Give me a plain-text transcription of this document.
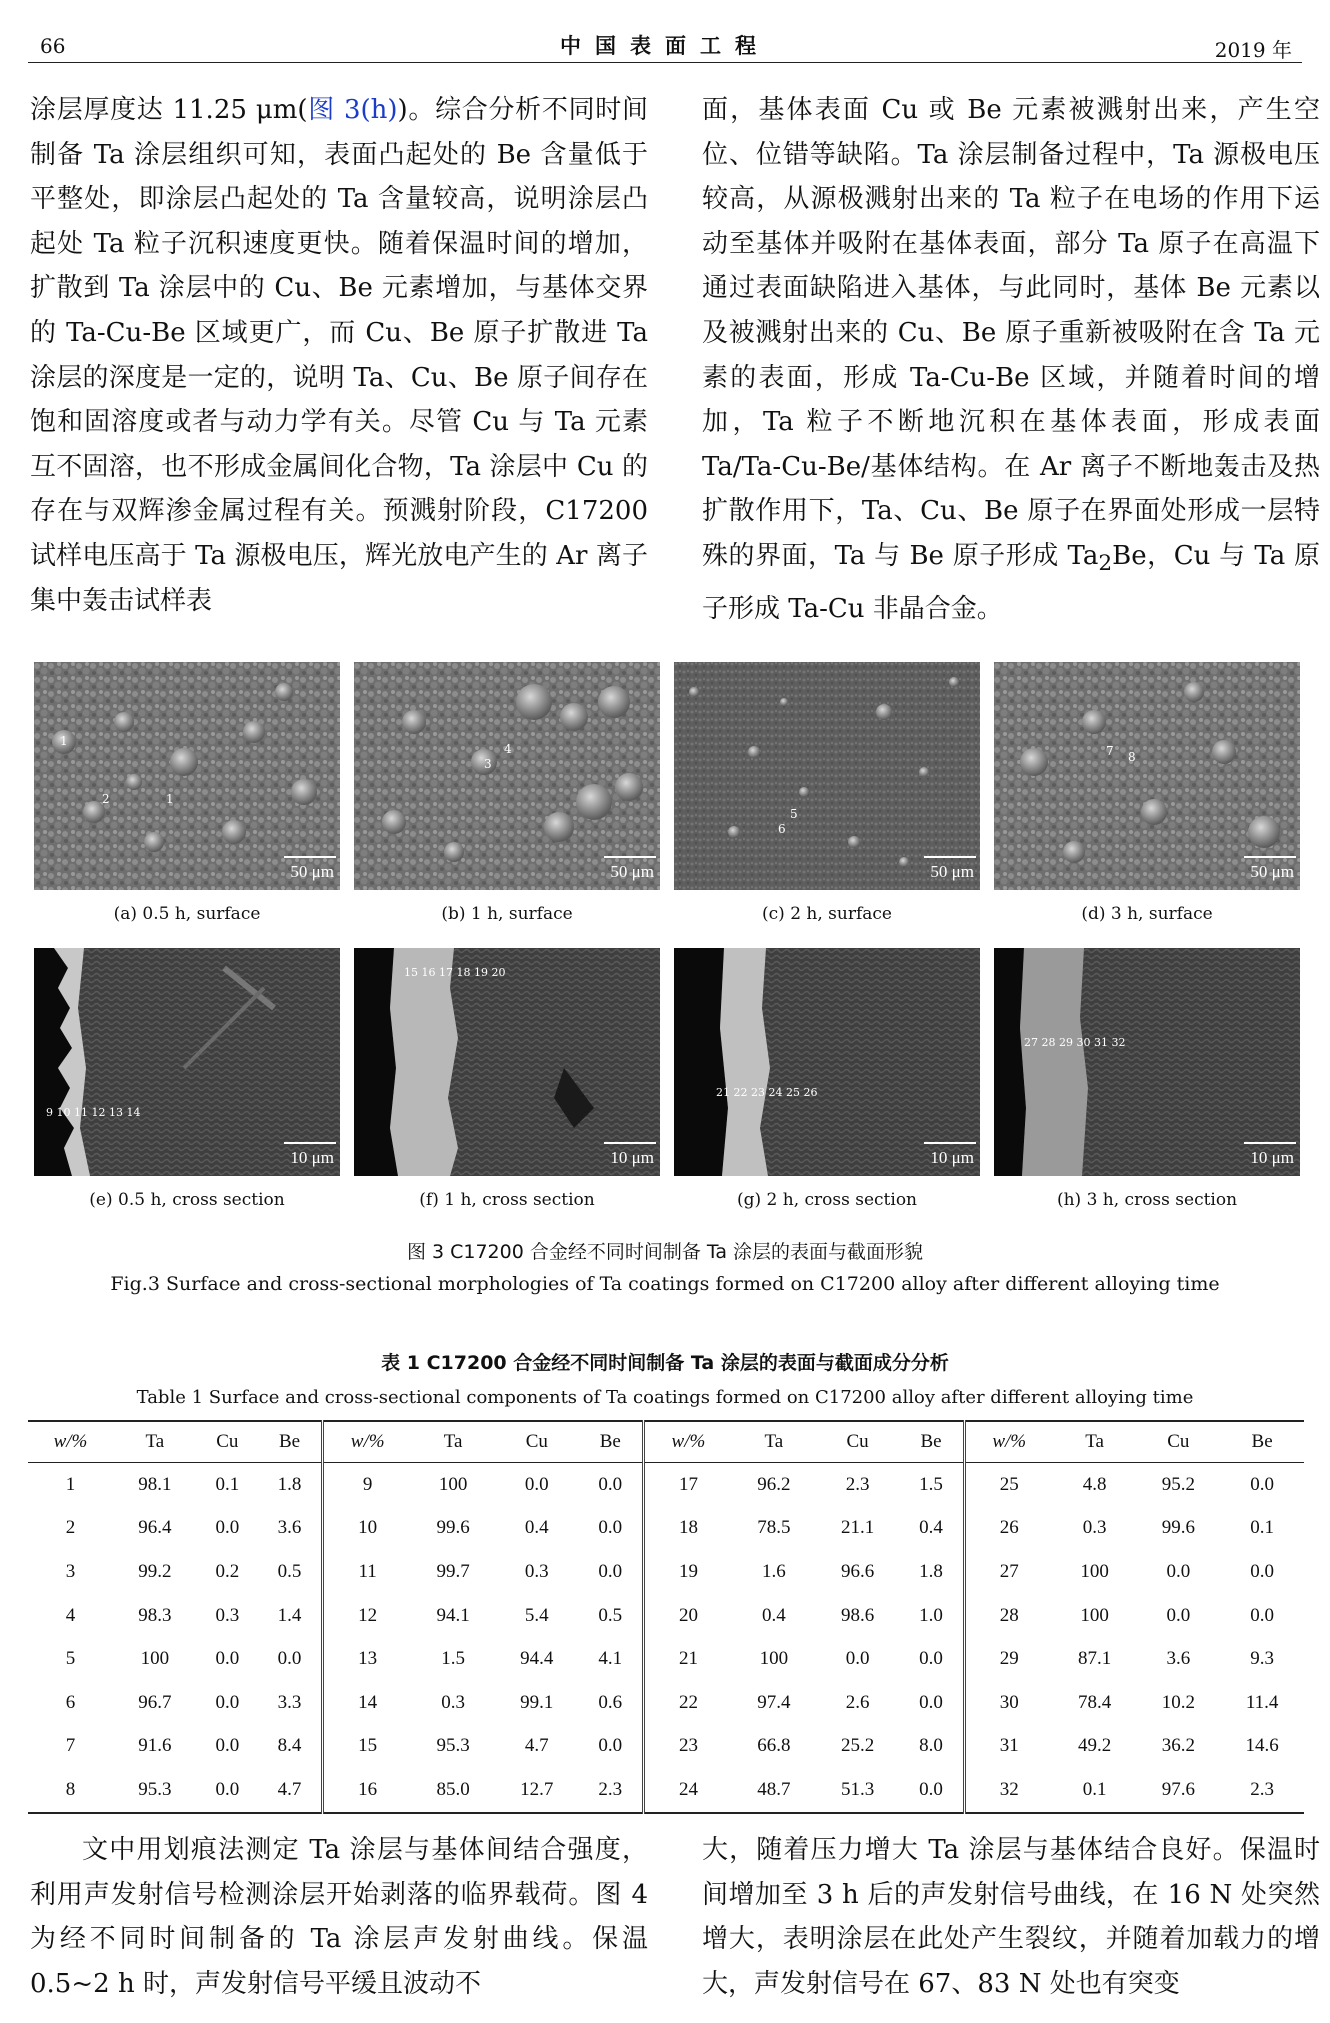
66	中国表面工程	2019 年

涂层厚度达 11.25 μm(图 3(h))。综合分析不同时间制备 Ta 涂层组织可知，表面凸起处的 Be 含量低于平整处，即涂层凸起处的 Ta 含量较高，说明涂层凸起处 Ta 粒子沉积速度更快。随着保温时间的增加，扩散到 Ta 涂层中的 Cu、Be 元素增加，与基体交界的 Ta-Cu-Be 区域更广，而 Cu、Be 原子扩散进 Ta 涂层的深度是一定的，说明 Ta、Cu、Be 原子间存在饱和固溶度或者与动力学有关。尽管 Cu 与 Ta 元素互不固溶，也不形成金属间化合物，Ta 涂层中 Cu 的存在与双辉渗金属过程有关。预溅射阶段，C17200 试样电压高于 Ta 源极电压，辉光放电产生的 Ar 离子集中轰击试样表

面，基体表面 Cu 或 Be 元素被溅射出来，产生空位、位错等缺陷。Ta 涂层制备过程中，Ta 源极电压较高，从源极溅射出来的 Ta 粒子在电场的作用下运动至基体并吸附在基体表面，部分 Ta 原子在高温下通过表面缺陷进入基体，与此同时，基体 Be 元素以及被溅射出来的 Cu、Be 原子重新被吸附在含 Ta 元素的表面，形成 Ta-Cu-Be 区域，并随着时间的增加，Ta 粒子不断地沉积在基体表面，形成表面 Ta/Ta-Cu-Be/基体结构。在 Ar 离子不断地轰击及热扩散作用下，Ta、Cu、Be 原子在界面处形成一层特殊的界面，Ta 与 Be 原子形成 $Ta_2Be$，Cu 与 Ta 原子形成 Ta-Cu 非晶合金。

1
2	1
50 μm
(a) 0.5 h, surface
3
4
50 μm
(b) 1 h, surface
5
6
50 μm
(c) 2 h, surface
7 8
50 μm
(d) 3 h, surface
9 10 11 12 13 14
10 μm
(e) 0.5 h, cross section
15 16 17 18 19 20
10 μm
(f) 1 h, cross section
21 22 23 24 25 26
10 μm
(g) 2 h, cross section
27 28 29 30 31 32
10 μm
(h) 3 h, cross section
图 3 C17200 合金经不同时间制备 Ta 涂层的表面与截面形貌
Fig.3 Surface and cross-sectional morphologies of Ta coatings formed on C17200 alloy after different alloying time
表 1 C17200 合金经不同时间制备 Ta 涂层的表面与截面成分分析
Table 1 Surface and cross-sectional components of Ta coatings formed on C17200 alloy after different alloying time
w/%	Ta	Cu	Be	w/%	Ta	Cu	Be	w/%	Ta	Cu	Be	w/%	Ta	Cu	Be
1	98.1	0.1	1.8	9	100	0.0	0.0	17	96.2	2.3	1.5	25	4.8	95.2	0.0
2	96.4	0.0	3.6	10	99.6	0.4	0.0	18	78.5	21.1	0.4	26	0.3	99.6	0.1
3	99.2	0.2	0.5	11	99.7	0.3	0.0	19	1.6	96.6	1.8	27	100	0.0	0.0
4	98.3	0.3	1.4	12	94.1	5.4	0.5	20	0.4	98.6	1.0	28	100	0.0	0.0
5	100	0.0	0.0	13	1.5	94.4	4.1	21	100	0.0	0.0	29	87.1	3.6	9.3
6	96.7	0.0	3.3	14	0.3	99.1	0.6	22	97.4	2.6	0.0	30	78.4	10.2	11.4
7	91.6	0.0	8.4	15	95.3	4.7	0.0	23	66.8	25.2	8.0	31	49.2	36.2	14.6
8	95.3	0.0	4.7	16	85.0	12.7	2.3	24	48.7	51.3	0.0	32	0.1	97.6	2.3

文中用划痕法测定 Ta 涂层与基体间结合强度，利用声发射信号检测涂层开始剥落的临界载荷。图 4 为经不同时间制备的 Ta 涂层声发射曲线。保温 0.5~2 h 时，声发射信号平缓且波动不

大，随着压力增大 Ta 涂层与基体结合良好。保温时间增加至 3 h 后的声发射信号曲线，在 16 N 处突然增大，表明涂层在此处产生裂纹，并随着加载力的增大，声发射信号在 67、83 N 处也有突变
